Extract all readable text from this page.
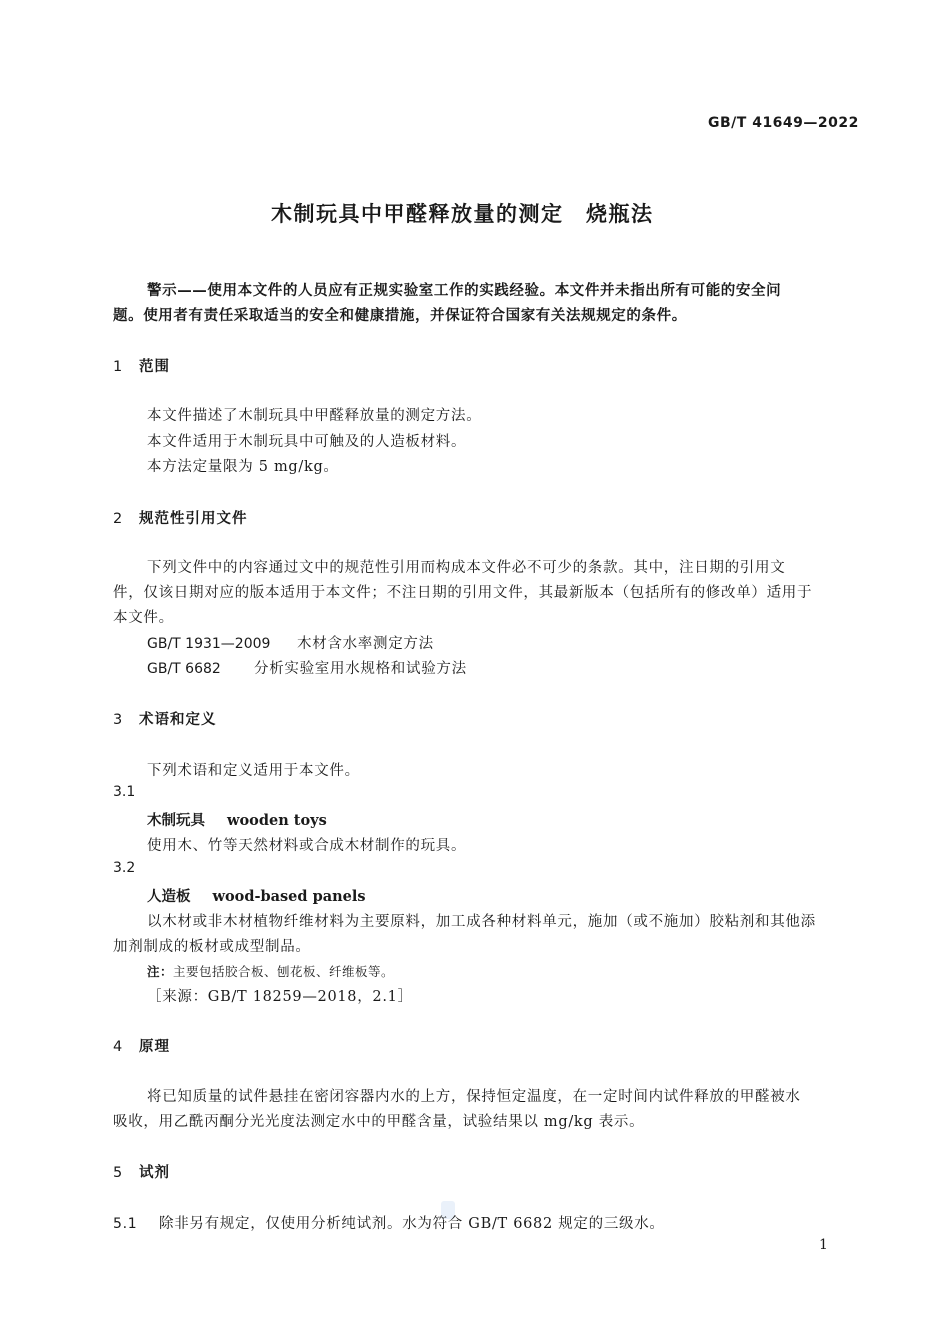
GB/T 41649—2022
木制玩具中甲醛释放量的测定　烧瓶法
警示——使用本文件的人员应有正规实验室工作的实践经验。本文件并未指出所有可能的安全问
题。使用者有责任采取适当的安全和健康措施，并保证符合国家有关法规规定的条件。
1 范围
本文件描述了木制玩具中甲醛释放量的测定方法。
本文件适用于木制玩具中可触及的人造板材料。
本方法定量限为 5 mg/kg。
2 规范性引用文件
下列文件中的内容通过文中的规范性引用而构成本文件必不可少的条款。其中，注日期的引用文
件，仅该日期对应的版本适用于本文件；不注日期的引用文件，其最新版本（包括所有的修改单）适用于
本文件。
GB/T 1931—2009 木材含水率测定方法
GB/T 6682 分析实验室用水规格和试验方法
3 术语和定义
下列术语和定义适用于本文件。
3.1
木制玩具 wooden toys
使用木、竹等天然材料或合成木材制作的玩具。
3.2
人造板 wood-based panels
以木材或非木材植物纤维材料为主要原料，加工成各种材料单元，施加（或不施加）胶粘剂和其他添
加剂制成的板材或成型制品。
注：主要包括胶合板、刨花板、纤维板等。
［来源：GB/T 18259—2018，2.1］
4 原理
将已知质量的试件悬挂在密闭容器内水的上方，保持恒定温度，在一定时间内试件释放的甲醛被水
吸收，用乙酰丙酮分光光度法测定水中的甲醛含量，试验结果以 mg/kg 表示。
5 试剂
5.1 除非另有规定，仅使用分析纯试剂。水为符合 GB/T 6682 规定的三级水。
1
